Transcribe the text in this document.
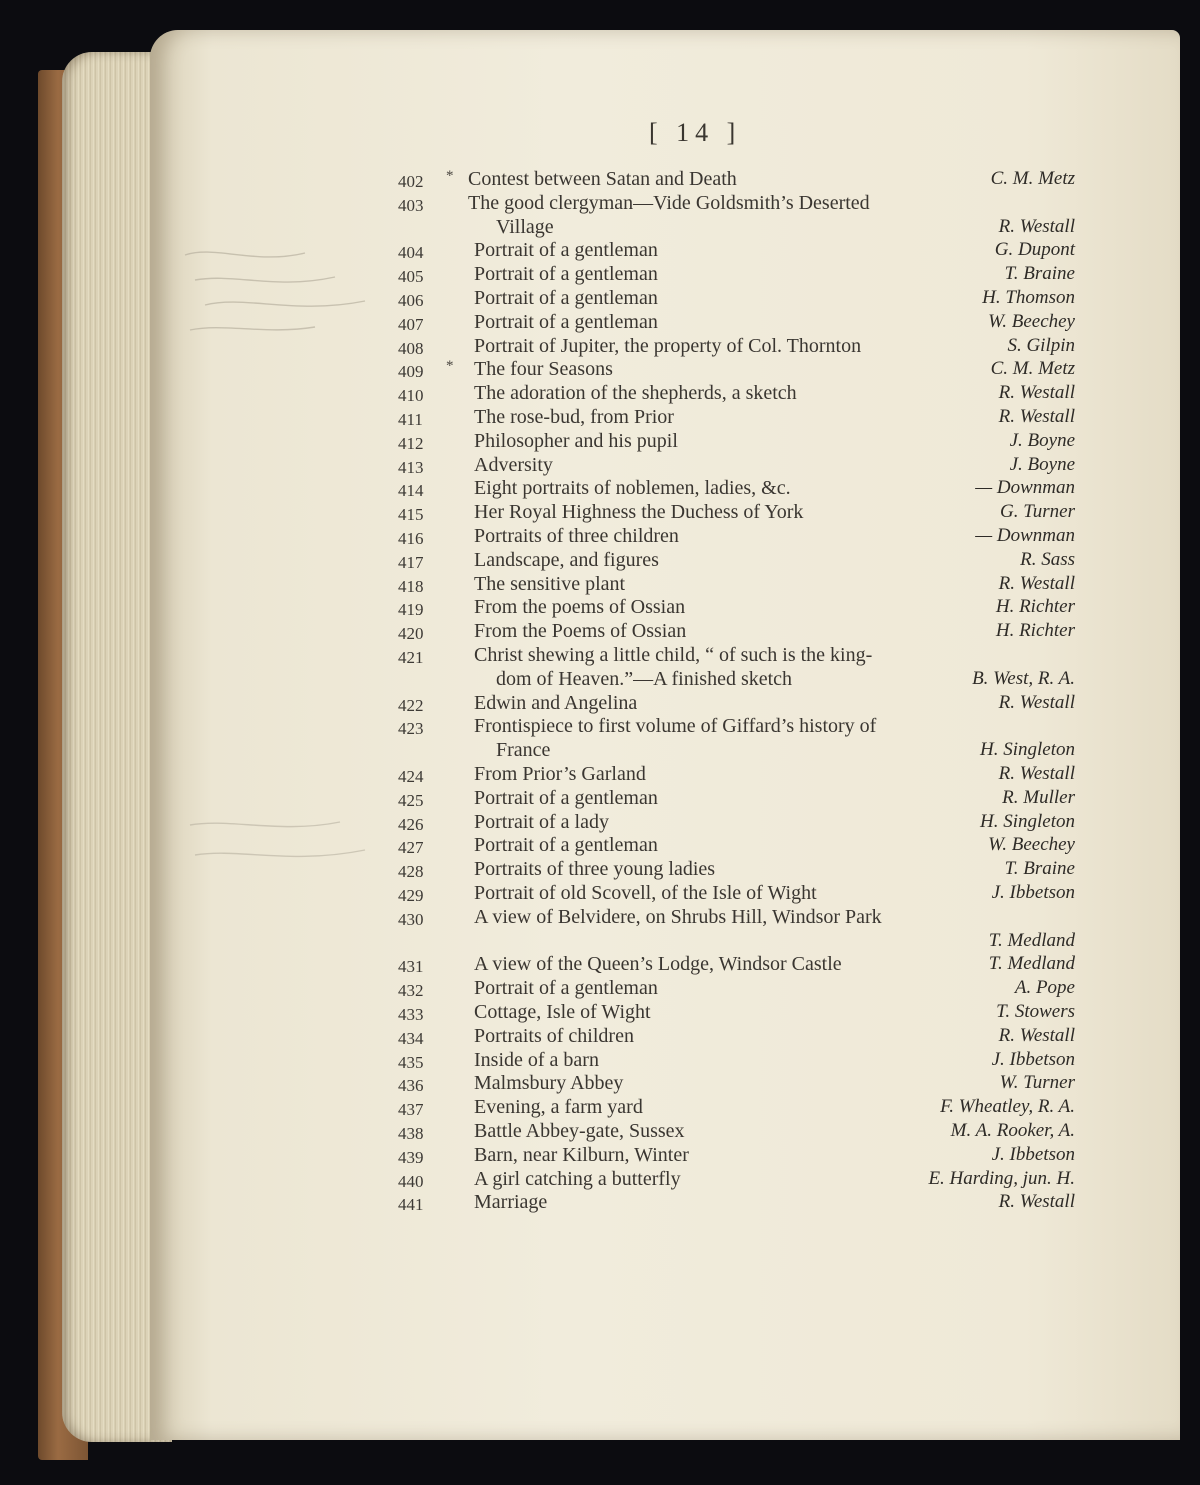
[ 14 ]
402	* Contest between Satan and Death	C. M. Metz
403	The good clergyman—Vide Goldsmith’s Deserted
Village	R. Westall
404	Portrait of a gentleman	G. Dupont
405	Portrait of a gentleman	T. Braine
406	Portrait of a gentleman	H. Thomson
407	Portrait of a gentleman	W. Beechey
408	Portrait of Jupiter, the property of Col. Thornton	S. Gilpin
409	*	The four Seasons	C. M. Metz
410	The adoration of the shepherds, a sketch	R. Westall
411	The rose-bud, from Prior	R. Westall
412	Philosopher and his pupil	J. Boyne
413	Adversity	J. Boyne
414	Eight portraits of noblemen, ladies, &c.	— Downman
415	Her Royal Highness the Duchess of York	G. Turner
416	Portraits of three children	— Downman
417	Landscape, and figures	R. Sass
418	The sensitive plant	R. Westall
419	From the poems of Ossian	H. Richter
420	From the Poems of Ossian	H. Richter
421	Christ shewing a little child, “ of such is the king-
dom of Heaven.”—A finished sketch	B. West, R. A.
422	Edwin and Angelina	R. Westall
423	Frontispiece to first volume of Giffard’s history of
France	H. Singleton
424	From Prior’s Garland	R. Westall
425	Portrait of a gentleman	R. Muller
426	Portrait of a lady	H. Singleton
427	Portrait of a gentleman	W. Beechey
428	Portraits of three young ladies	T. Braine
429	Portrait of old Scovell, of the Isle of Wight	J. Ibbetson
430	A view of Belvidere, on Shrubs Hill, Windsor Park
T. Medland
431	A view of the Queen’s Lodge, Windsor Castle	T. Medland
432	Portrait of a gentleman	A. Pope
433	Cottage, Isle of Wight	T. Stowers
434	Portraits of children	R. Westall
435	Inside of a barn	J. Ibbetson
436	Malmsbury Abbey	W. Turner
437	Evening, a farm yard	F. Wheatley, R. A.
438	Battle Abbey-gate, Sussex	M. A. Rooker, A.
439	Barn, near Kilburn, Winter	J. Ibbetson
440	A girl catching a butterfly	E. Harding, jun. H.
441	Marriage	R. Westall
